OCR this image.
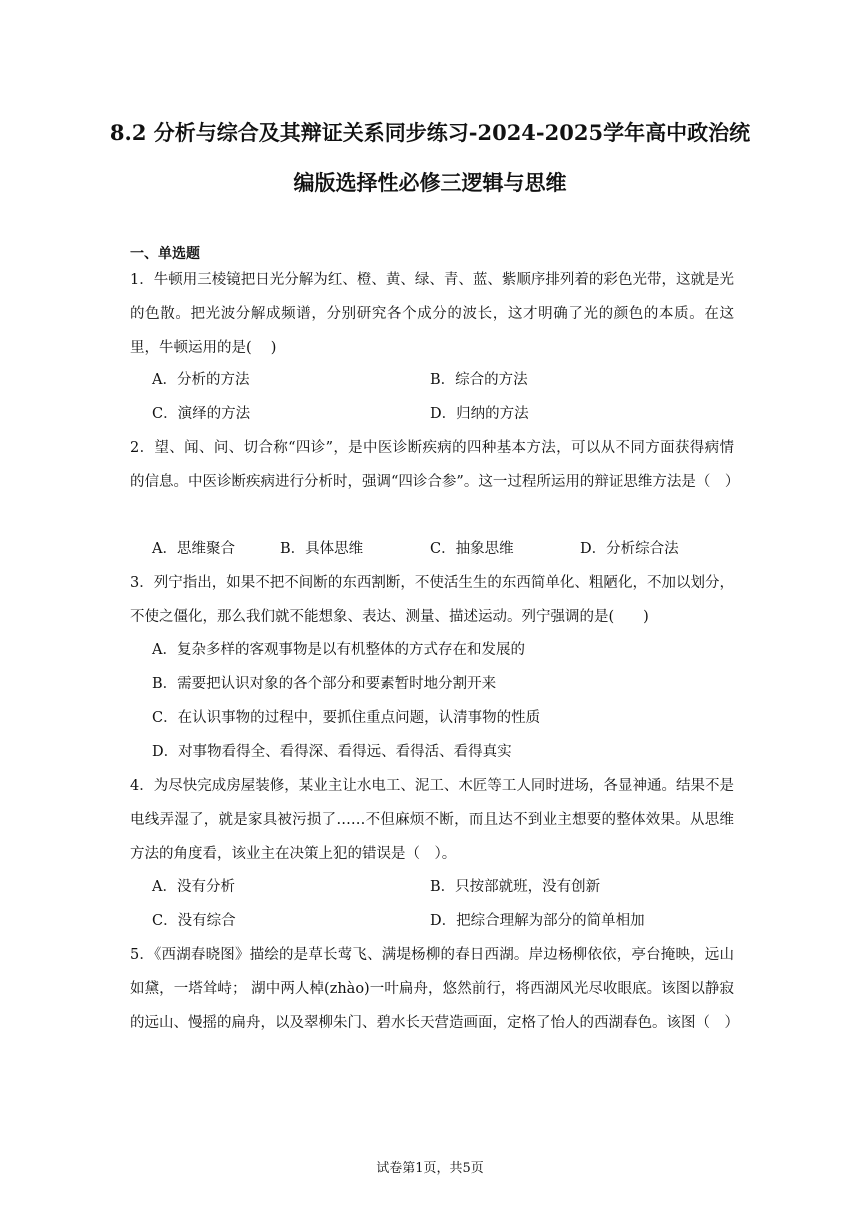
8.2 分析与综合及其辩证关系同步练习-2024-2025学年高中政治统编版选择性必修三逻辑与思维
一、单选题
1．牛顿用三棱镜把日光分解为红、橙、黄、绿、青、蓝、紫顺序排列着的彩色光带，这就是光的色散。把光波分解成频谱，分别研究各个成分的波长，这才明确了光的颜色的本质。在这里，牛顿运用的是(　 )
A．分析的方法	B．综合的方法
C．演绎的方法	D．归纳的方法
2．望、闻、问、切合称“四诊”，是中医诊断疾病的四种基本方法，可以从不同方面获得病情的信息。中医诊断疾病进行分析时，强调“四诊合参”。这一过程所运用的辩证思维方法是（　）
A．思维聚合	B．具体思维	C．抽象思维	D．分析综合法
3．列宁指出，如果不把不间断的东西割断，不使活生生的东西简单化、粗陋化，不加以划分，不使之僵化，那么我们就不能想象、表达、测量、描述运动。列宁强调的是(　　)
A．复杂多样的客观事物是以有机整体的方式存在和发展的
B．需要把认识对象的各个部分和要素暂时地分割开来
C．在认识事物的过程中，要抓住重点问题，认清事物的性质
D．对事物看得全、看得深、看得远、看得活、看得真实
4．为尽快完成房屋装修，某业主让水电工、泥工、木匠等工人同时进场，各显神通。结果不是电线弄湿了，就是家具被污损了……不但麻烦不断，而且达不到业主想要的整体效果。从思维方法的角度看，该业主在决策上犯的错误是（　）。
A．没有分析	B．只按部就班，没有创新
C．没有综合	D．把综合理解为部分的简单相加
5．《西湖春晓图》描绘的是草长莺飞、满堤杨柳的春日西湖。岸边杨柳依依，亭台掩映，远山如黛，一塔耸峙； 湖中两人棹(zhào)一叶扁舟，悠然前行，将西湖风光尽收眼底。该图以静寂的远山、慢摇的扁舟，以及翠柳朱门、碧水长天营造画面，定格了怡人的西湖春色。该图（　）
试卷第1页，共5页
